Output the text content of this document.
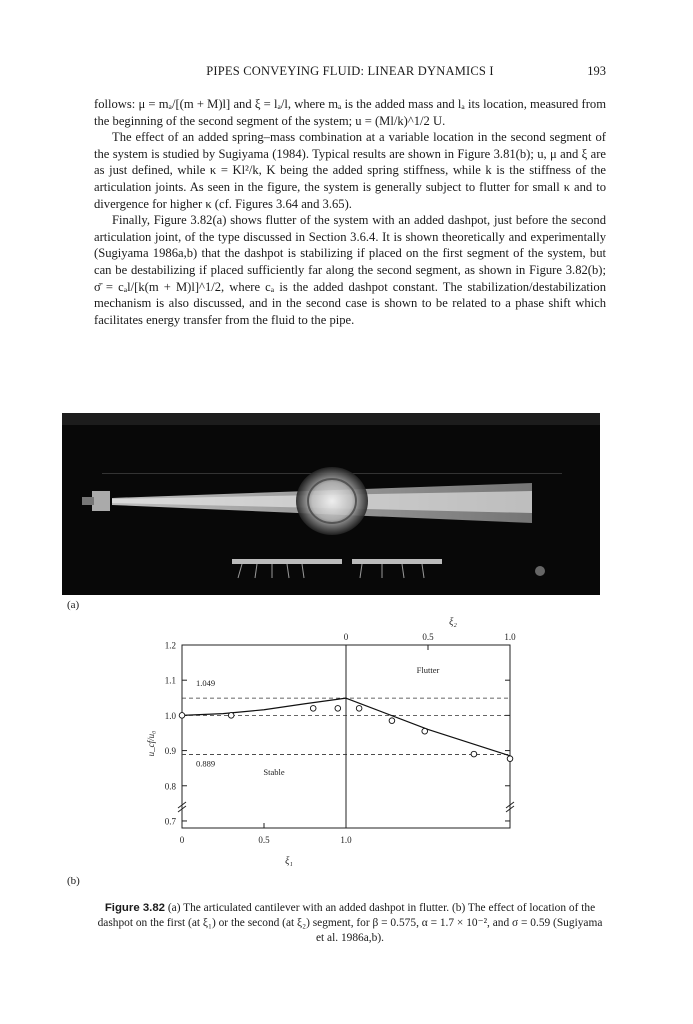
PIPES CONVEYING FLUID: LINEAR DYNAMICS I	193

follows: μ = mₐ/[(m + M)l] and ξ = lₐ/l, where mₐ is the added mass and lₐ its location, measured from the beginning of the second segment of the system; u = (Ml/k)^1/2 U.

The effect of an added spring–mass combination at a variable location in the second segment of the system is studied by Sugiyama (1984). Typical results are shown in Figure 3.81(b); u, μ and ξ are as just defined, while κ = Kl²/k, K being the added spring stiffness, while k is the stiffness of the articulation joints. As seen in the figure, the system is generally subject to flutter for small κ and to divergence for higher κ (cf. Figures 3.64 and 3.65).

Finally, Figure 3.82(a) shows flutter of the system with an added dashpot, just before the second articulation joint, of the type discussed in Section 3.6.4. It is shown theoretically and experimentally (Sugiyama 1986a,b) that the dashpot is stabilizing if placed on the first segment of the system, but can be destabilizing if placed sufficiently far along the second segment, as shown in Figure 3.82(b); σ̄ = cₐl/[k(m + M)l]^1/2, where cₐ is the added dashpot constant. The stabilization/destabilization mechanism is also discussed, and in the second case is shown to be related to a phase shift which facilitates energy transfer from the fluid to the pipe.

(a)
0.7
0.8
0.9
1.0
1.1
1.2
0	0.5	1.0
0	0.5	1.0
ξ₁
ξ₂
u_cf/u₀
1.049
0.889
Flutter
Stable
(b)
Figure 3.82 (a) The articulated cantilever with an added dashpot in flutter. (b) The effect of location of the dashpot on the first (at ξ₁) or the second (at ξ₂) segment, for β = 0.575, α = 1.7 × 10⁻², and σ = 0.59 (Sugiyama et al. 1986a,b).
